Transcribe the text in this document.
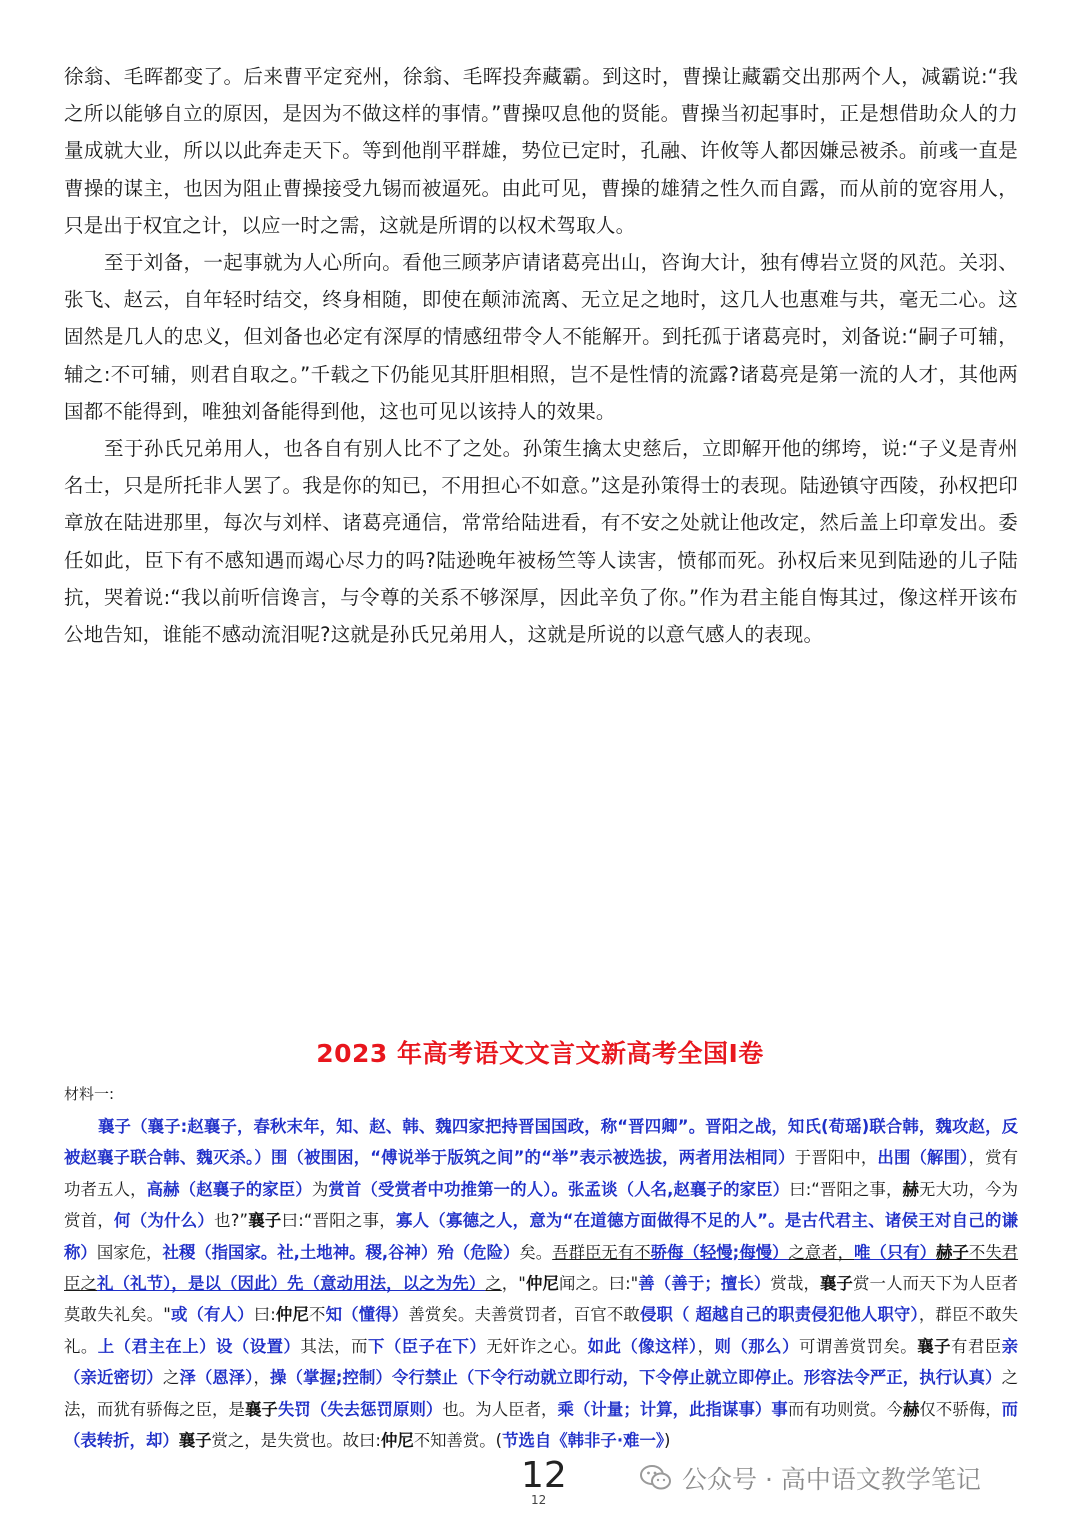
徐翁、毛晖都变了。后来曹平定兖州，徐翁、毛晖投奔藏霸。到这时，曹操让藏霸交出那两个人，减霸说:“我之所以能够自立的原因，是因为不做这样的事情。”曹操叹息他的贤能。曹操当初起事时，正是想借助众人的力量成就大业，所以以此奔走天下。等到他削平群雄，势位已定时，孔融、许攸等人都因嫌忌被杀。前彧一直是曹操的谋主，也因为阻止曹操接受九锡而被逼死。由此可见，曹操的雄猜之性久而自露，而从前的宽容用人，只是出于权宜之计，以应一时之需，这就是所谓的以权术驾取人。

至于刘备，一起事就为人心所向。看他三顾茅庐请诸葛亮出山，咨询大计，独有傅岩立贤的风范。关羽、张飞、赵云，自年轻时结交，终身相随，即使在颠沛流离、无立足之地时，这几人也惠难与共，毫无二心。这固然是几人的忠义，但刘备也必定有深厚的情感纽带令人不能解开。到托孤于诸葛亮时，刘备说:“嗣子可辅，辅之:不可辅，则君自取之。”千载之下仍能见其肝胆相照，岂不是性情的流露?诸葛亮是第一流的人才，其他两国都不能得到，唯独刘备能得到他，这也可见以该持人的效果。

至于孙氏兄弟用人，也各自有别人比不了之处。孙策生擒太史慈后，立即解开他的绑垮，说:“子义是青州名士，只是所托非人罢了。我是你的知已，不用担心不如意。”这是孙策得士的表现。陆逊镇守西陵，孙权把印章放在陆进那里，每次与刘样、诸葛亮通信，常常给陆进看，有不安之处就让他改定，然后盖上印章发出。委任如此，臣下有不感知遇而竭心尽力的吗?陆逊晚年被杨竺等人读害，愤郁而死。孙权后来见到陆逊的儿子陆抗，哭着说:“我以前听信谗言，与令尊的关系不够深厚，因此辛负了你。”作为君主能自悔其过，像这样开该布公地告知，谁能不感动流泪呢?这就是孙氏兄弟用人，这就是所说的以意气感人的表现。

2023 年高考语文文言文新高考全国Ⅰ卷
材料一:
襄子（襄子:赵襄子，春秋末年，知、赵、韩、魏四家把持晋国国政，称“晋四卿”。晋阳之战，知氏(荀瑶)联合韩，魏攻赵，反被赵襄子联合韩、魏灭杀。）围（被围困，“傅说举于版筑之间”的“举”表示被选拔，两者用法相同）于晋阳中，出围（解围），赏有功者五人，高赫（赵襄子的家臣）为赏首（受赏者中功推第一的人）。张孟谈（人名,赵襄子的家臣）曰:“晋阳之事，赫无大功，今为赏首，何（为什么）也?”襄子曰:“晋阳之事，寡人（寡德之人，意为“在道德方面做得不足的人”。是古代君主、诸侯王对自己的谦称）国家危，社稷（指国家。社,土地神。稷,谷神）殆（危险）矣。吾群臣无有不骄侮（轻慢;侮慢）之意者，唯（只有）赫子不失君臣之礼（礼节），是以（因此）先（意动用法，以之为先）之，"仲尼闻之。曰:"善（善于；擅长）赏哉，襄子赏一人而天下为人臣者莫敢失礼矣。"或（有人）曰:仲尼不知（懂得）善赏矣。夫善赏罚者，百官不敢侵职（ 超越自己的职责侵犯他人职守），群臣不敢失礼。上（君主在上）设（设置）其法，而下（臣子在下）无奸诈之心。如此（像这样），则（那么）可谓善赏罚矣。襄子有君臣亲（亲近密切）之泽（恩泽），操（掌握;控制）令行禁止（下令行动就立即行动，下令停止就立即停止。形容法令严正，执行认真）之法，而犹有骄侮之臣，是襄子失罚（失去惩罚原则）也。为人臣者，乘（计量；计算，此指谋事）事而有功则赏。今赫仅不骄侮，而（表转折，却）襄子赏之，是失赏也。故曰:仲尼不知善赏。(节选自《韩非子·难一》)
12
12
公众号 · 高中语文教学笔记
